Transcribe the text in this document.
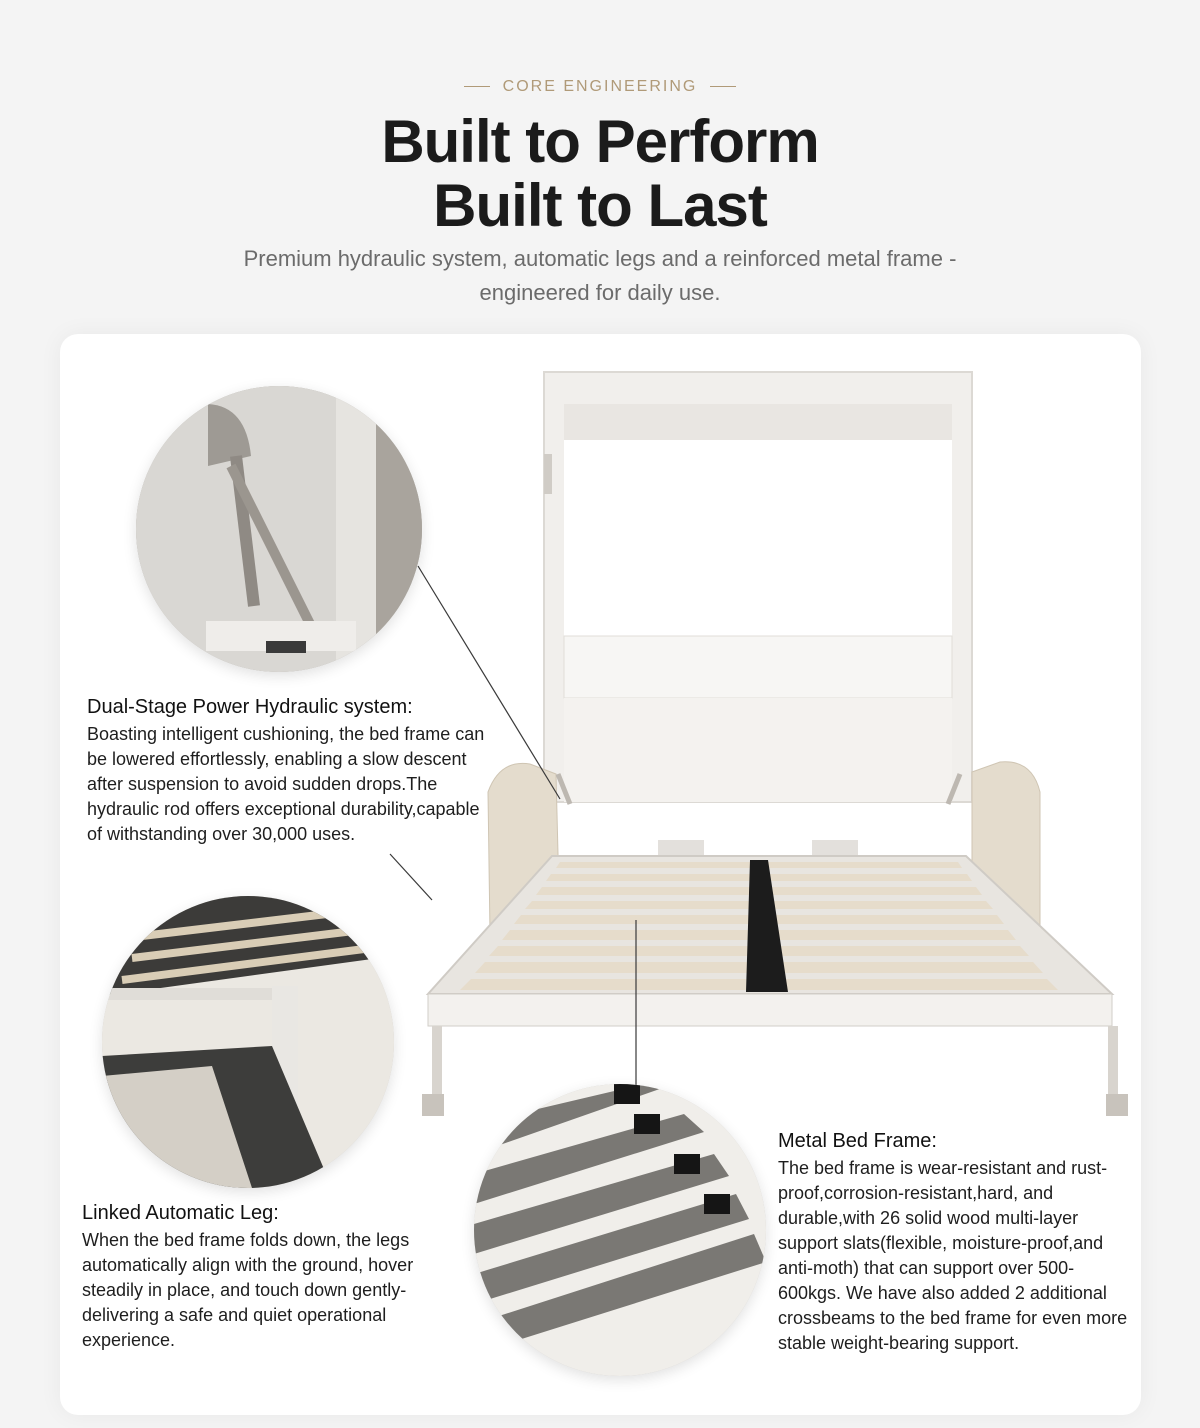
CORE ENGINEERING
Built to Perform
Built to Last
Premium hydraulic system, automatic legs and a reinforced metal frame -
engineered for daily use.

Dual-Stage Power Hydraulic system:

Boasting intelligent cushioning, the bed frame can be lowered effortlessly, enabling a slow descent after suspension to avoid sudden drops.The hydraulic rod offers exceptional durability,capable of withstanding over 30,000 uses.

Linked Automatic Leg:

When the bed frame folds down, the legs automatically align with the ground, hover steadily in place, and touch down gently-delivering a safe and quiet operational experience.

Metal Bed Frame:

The bed frame is wear-resistant and rust-proof,corrosion-resistant,hard, and durable,with 26 solid wood multi-layer support slats(flexible, moisture-proof,and anti-moth) that can support over 500-600kgs. We have also added 2 additional crossbeams to the bed frame for even more stable weight-bearing support.
